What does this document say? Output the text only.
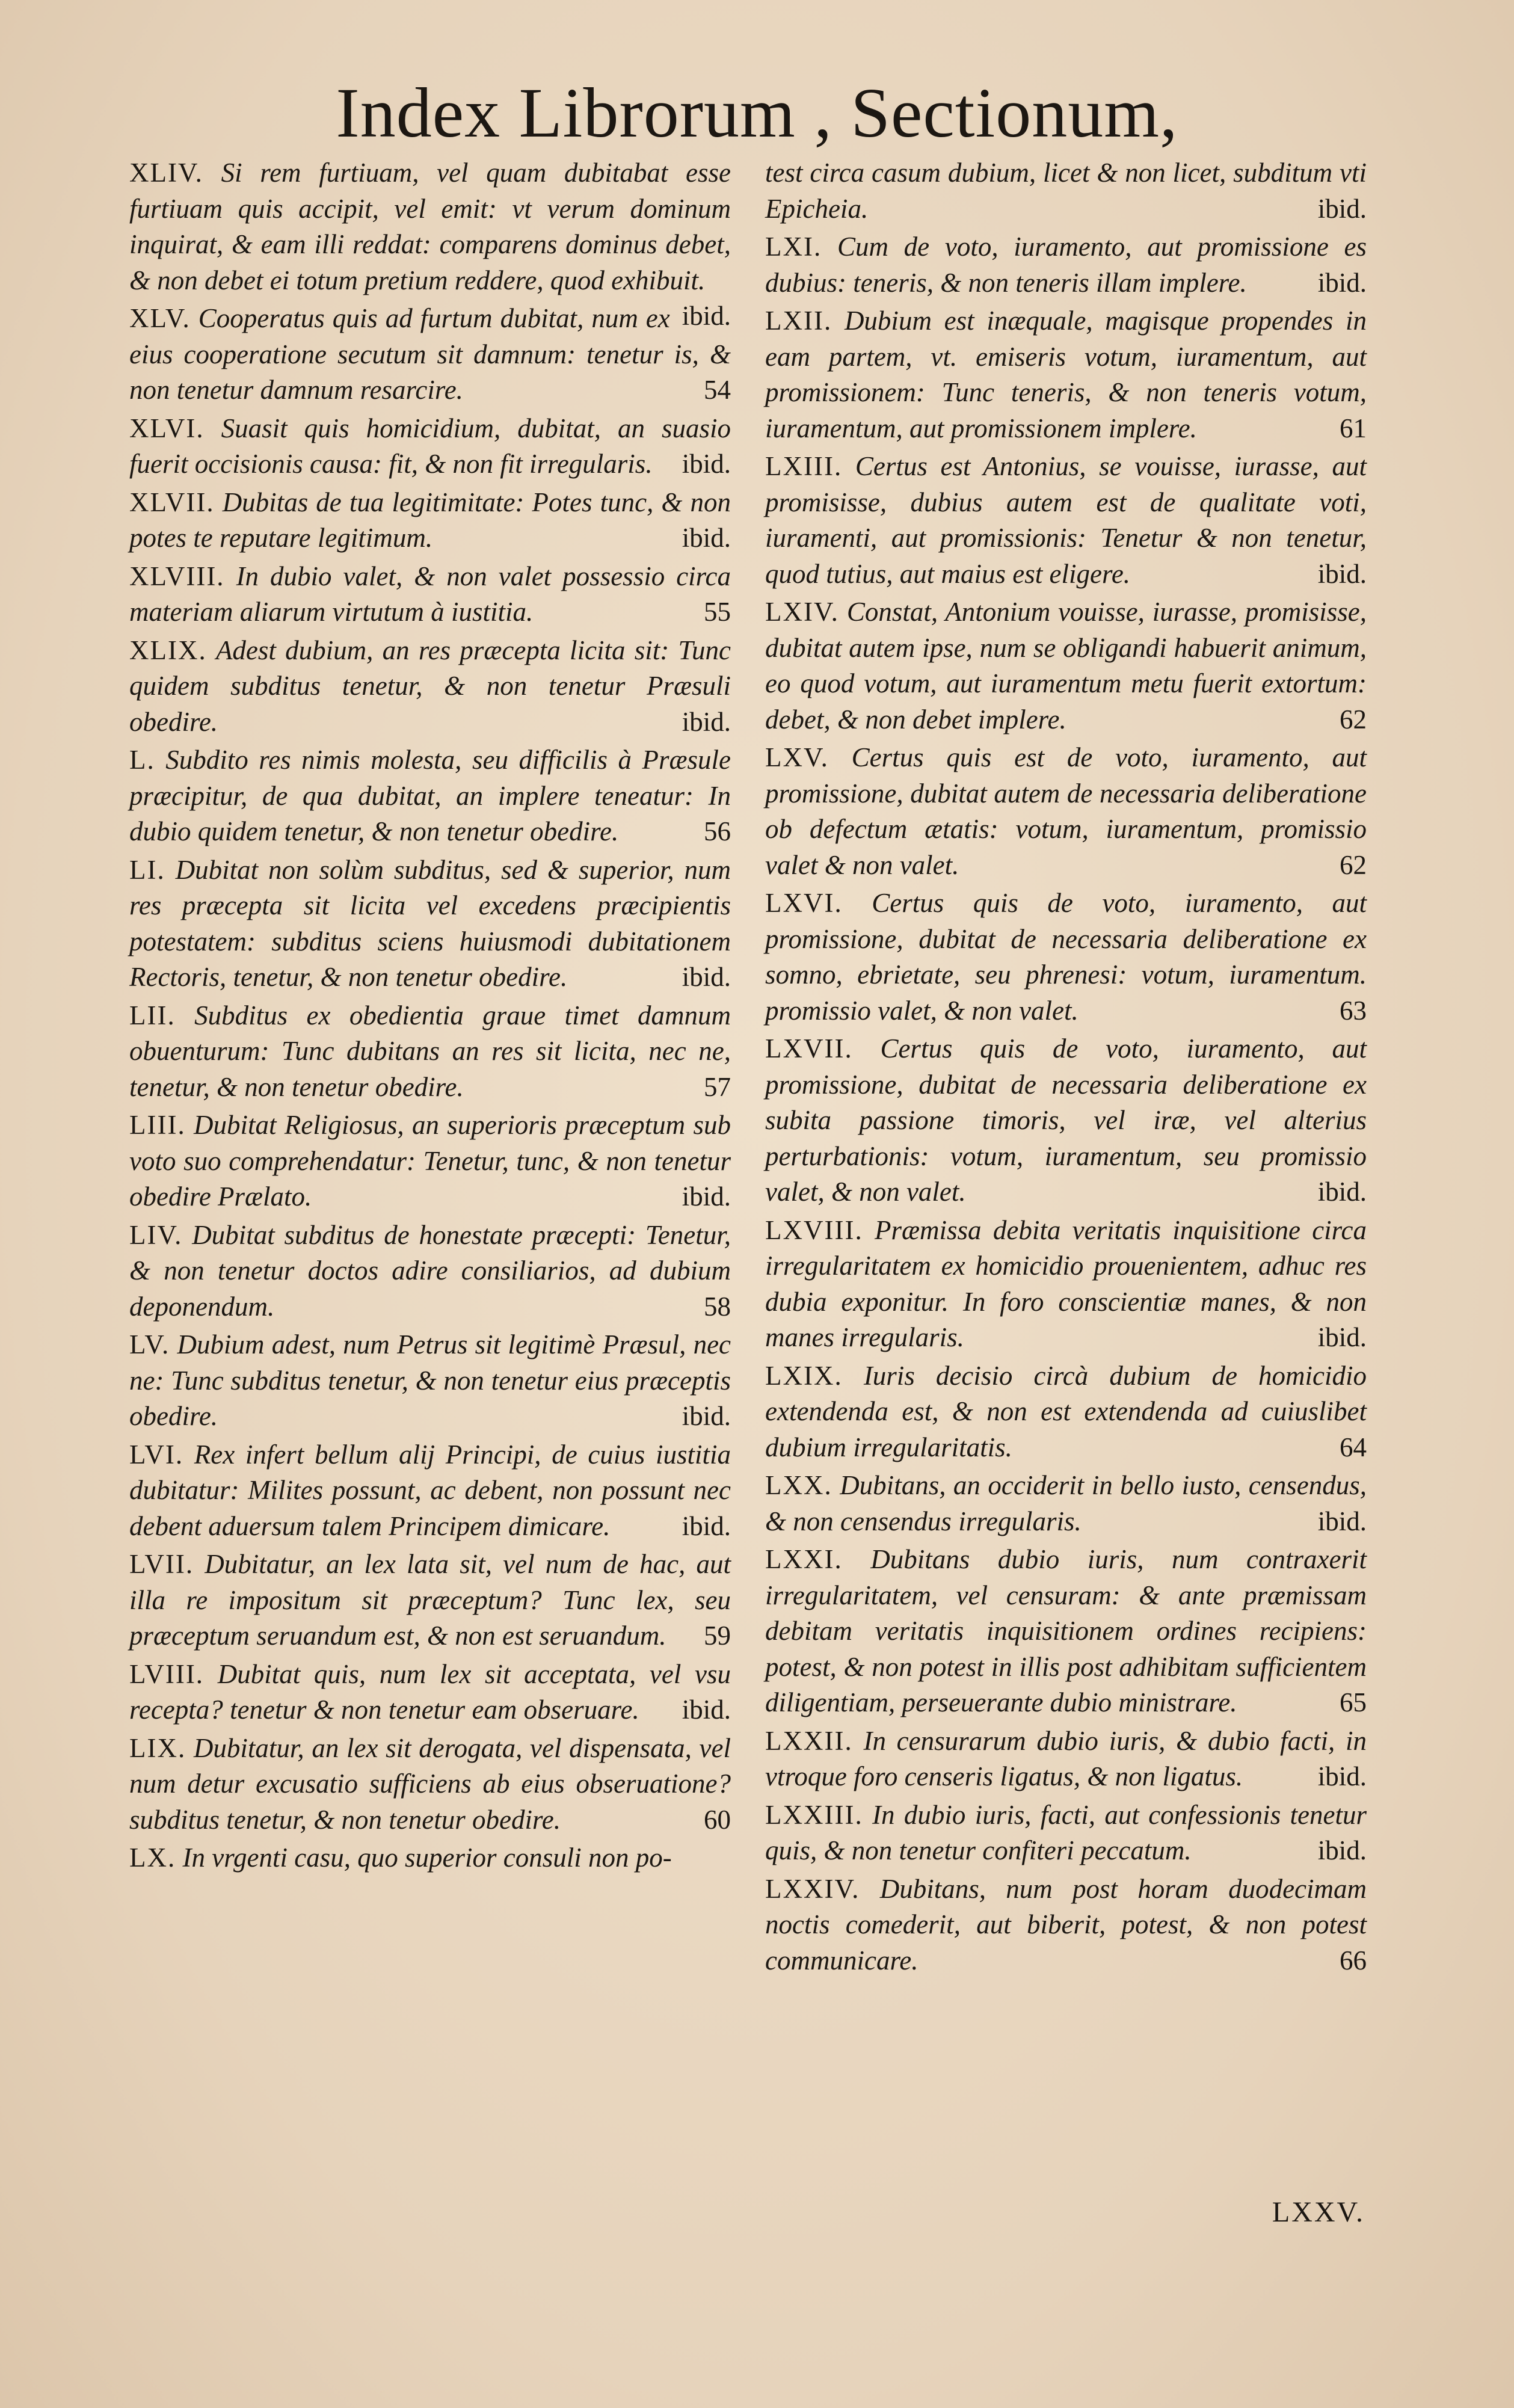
Index Librorum , Sectionum,
XLIV. Si rem furtiuam, vel quam dubitabat esse furtiuam quis accipit, vel emit: vt verum dominum inquirat, & eam illi reddat: comparens dominus debet, & non debet ei totum pretium reddere, quod exhibuit.
ibid.
XLV. Cooperatus quis ad furtum dubitat, num ex eius cooperatione secutum sit damnum: tenetur is, & non tenetur damnum resarcire.	54
XLVI. Suasit quis homicidium, dubitat, an suasio fuerit occisionis causa: fit, & non fit irregularis. ibid.
XLVII. Dubitas de tua legitimitate: Potes tunc, & non potes te reputare legitimum.	ibid.
XLVIII. In dubio valet, & non valet possessio circa materiam aliarum virtutum à iustitia.	55
XLIX. Adest dubium, an res præcepta licita sit: Tunc quidem subditus tenetur, & non tenetur Præsuli obedire.	ibid.
L. Subdito res nimis molesta, seu difficilis à Præsule præcipitur, de qua dubitat, an implere teneatur: In dubio quidem tenetur, & non tenetur obedire.	56
LI. Dubitat non solùm subditus, sed & superior, num res præcepta sit licita vel excedens præcipientis potestatem: subditus sciens huiusmodi dubitationem Rectoris, tenetur, & non tenetur obedire.	ibid.
LII. Subditus ex obedientia graue timet damnum obuenturum: Tunc dubitans an res sit licita, nec ne, tenetur, & non tenetur obedire.	57
LIII. Dubitat Religiosus, an superioris præceptum sub voto suo comprehendatur: Tenetur, tunc, & non tenetur obedire Prælato.	ibid.
LIV. Dubitat subditus de honestate præcepti: Tenetur, & non tenetur doctos adire consiliarios, ad dubium deponendum.	58
LV. Dubium adest, num Petrus sit legitimè Præsul, nec ne: Tunc subditus tenetur, & non tenetur eius præceptis obedire.	ibid.
LVI. Rex infert bellum alij Principi, de cuius iustitia dubitatur: Milites possunt, ac debent, non possunt nec debent aduersum talem Principem dimicare.	ibid.
LVII. Dubitatur, an lex lata sit, vel num de hac, aut illa re impositum sit præceptum? Tunc lex, seu præceptum seruandum est, & non est seruandum. 59
LVIII. Dubitat quis, num lex sit acceptata, vel vsu recepta? tenetur & non tenetur eam obseruare. ibid.
LIX. Dubitatur, an lex sit derogata, vel dispensata, vel num detur excusatio sufficiens ab eius obseruatione? subditus tenetur, & non tenetur obedire.	60
LX. In vrgenti casu, quo superior consuli non po-
test circa casum dubium, licet & non licet, subditum vti Epicheia.	ibid.
LXI. Cum de voto, iuramento, aut promissione es dubius: teneris, & non teneris illam implere.	ibid.
LXII. Dubium est inæquale, magisque propendes in eam partem, vt. emiseris votum, iuramentum, aut promissionem: Tunc teneris, & non teneris votum, iuramentum, aut promissionem implere.	61
LXIII. Certus est Antonius, se vouisse, iurasse, aut promisisse, dubius autem est de qualitate voti, iuramenti, aut promissionis: Tenetur & non tenetur, quod tutius, aut maius est eligere.	ibid.
LXIV. Constat, Antonium vouisse, iurasse, promisisse, dubitat autem ipse, num se obligandi habuerit animum, eo quod votum, aut iuramentum metu fuerit extortum: debet, & non debet implere.	62
LXV. Certus quis est de voto, iuramento, aut promissione, dubitat autem de necessaria deliberatione ob defectum ætatis: votum, iuramentum, promissio valet & non valet.	62
LXVI. Certus quis de voto, iuramento, aut promissione, dubitat de necessaria deliberatione ex somno, ebrietate, seu phrenesi: votum, iuramentum. promissio valet, & non valet.	63
LXVII. Certus quis de voto, iuramento, aut promissione, dubitat de necessaria deliberatione ex subita passione timoris, vel iræ, vel alterius perturbationis: votum, iuramentum, seu promissio valet, & non valet.	ibid.
LXVIII. Præmissa debita veritatis inquisitione circa irregularitatem ex homicidio prouenientem, adhuc res dubia exponitur. In foro conscientiæ manes, & non manes irregularis.	ibid.
LXIX. Iuris decisio circà dubium de homicidio extendenda est, & non est extendenda ad cuiuslibet dubium irregularitatis.	64
LXX. Dubitans, an occiderit in bello iusto, censendus, & non censendus irregularis.	ibid.
LXXI. Dubitans dubio iuris, num contraxerit irregularitatem, vel censuram: & ante præmissam debitam veritatis inquisitionem ordines recipiens: potest, & non potest in illis post adhibitam sufficientem diligentiam, perseuerante dubio ministrare.	65
LXXII. In censurarum dubio iuris, & dubio facti, in vtroque foro censeris ligatus, & non ligatus.	ibid.
LXXIII. In dubio iuris, facti, aut confessionis tenetur quis, & non tenetur confiteri peccatum.	ibid.
LXXIV. Dubitans, num post horam duodecimam noctis comederit, aut biberit, potest, & non potest communicare.	66
LXXV.
